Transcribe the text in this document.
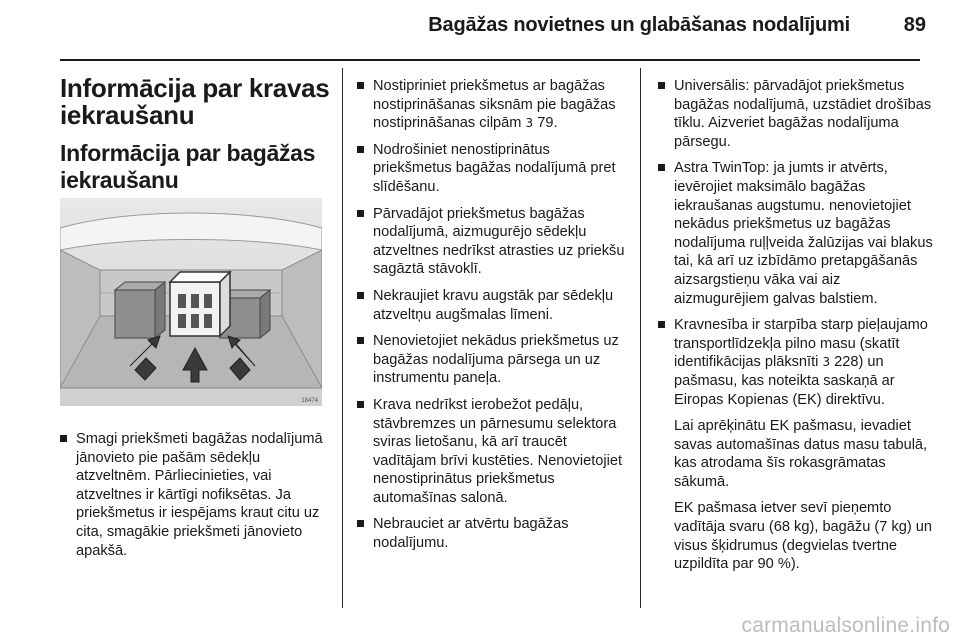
Bagāžas novietnes un glabāšanas nodalījumi	89
Informācija par kravas iekraušanu
Informācija par bagāžas iekraušanu
18474

Smagi priekšmeti bagāžas nodalījumā jānovieto pie pašām sēdekļu atzveltnēm. Pārliecinieties, vai atzveltnes ir kārtīgi nofiksētas. Ja priekšmetus ir iespējams kraut citu uz cita, smagākie priekšmeti jānovieto apakšā.

Nostipriniet priekšmetus ar bagāžas nostiprināšanas siksnām pie bagāžas nostiprināšanas cilpām 3 79.

Nodrošiniet nenostiprinātus priekšmetus bagāžas nodalījumā pret slīdēšanu.

Pārvadājot priekšmetus bagāžas nodalījumā, aizmugurējo sēdekļu atzveltnes nedrīkst atrasties uz priekšu sagāztā stāvoklī.

Nekraujiet kravu augstāk par sēdekļu atzveltņu augšmalas līmeni.

Nenovietojiet nekādus priekšmetus uz bagāžas nodalījuma pārsega un uz instrumentu paneļa.

Krava nedrīkst ierobežot pedāļu, stāvbremzes un pārnesumu selektora sviras lietošanu, kā arī traucēt vadītājam brīvi kustēties. Nenovietojiet nenostiprinātus priekšmetus automašīnas salonā.

Nebrauciet ar atvērtu bagāžas nodalījumu.

Universālis: pārvadājot priekšmetus bagāžas nodalījumā, uzstādiet drošības tīklu. Aizveriet bagāžas nodalījuma pārsegu.

Astra TwinTop: ja jumts ir atvērts, ievērojiet maksimālo bagāžas iekraušanas augstumu. nenovietojiet nekādus priekšmetus uz bagāžas nodalījuma ruļļveida žalūzijas vai blakus tai, kā arī uz izbīdāmo pretapgāšanās aizsargstieņu vāka vai aiz aizmugurējiem galvas balstiem.

Kravnesība ir starpība starp pieļaujamo transportlīdzekļa pilno masu (skatīt identifikācijas plāksnīti 3 228) un pašmasu, kas noteikta saskaņā ar Eiropas Kopienas (EK) direktīvu.

Lai aprēķinātu EK pašmasu, ievadiet savas automašīnas datus masu tabulā, kas atrodama šīs rokasgrāmatas sākumā.

EK pašmasa ietver sevī pieņemto vadītāja svaru (68 kg), bagāžu (7 kg) un visus šķidrumus (degvielas tvertne uzpildīta par 90 %).

carmanualsonline.info
